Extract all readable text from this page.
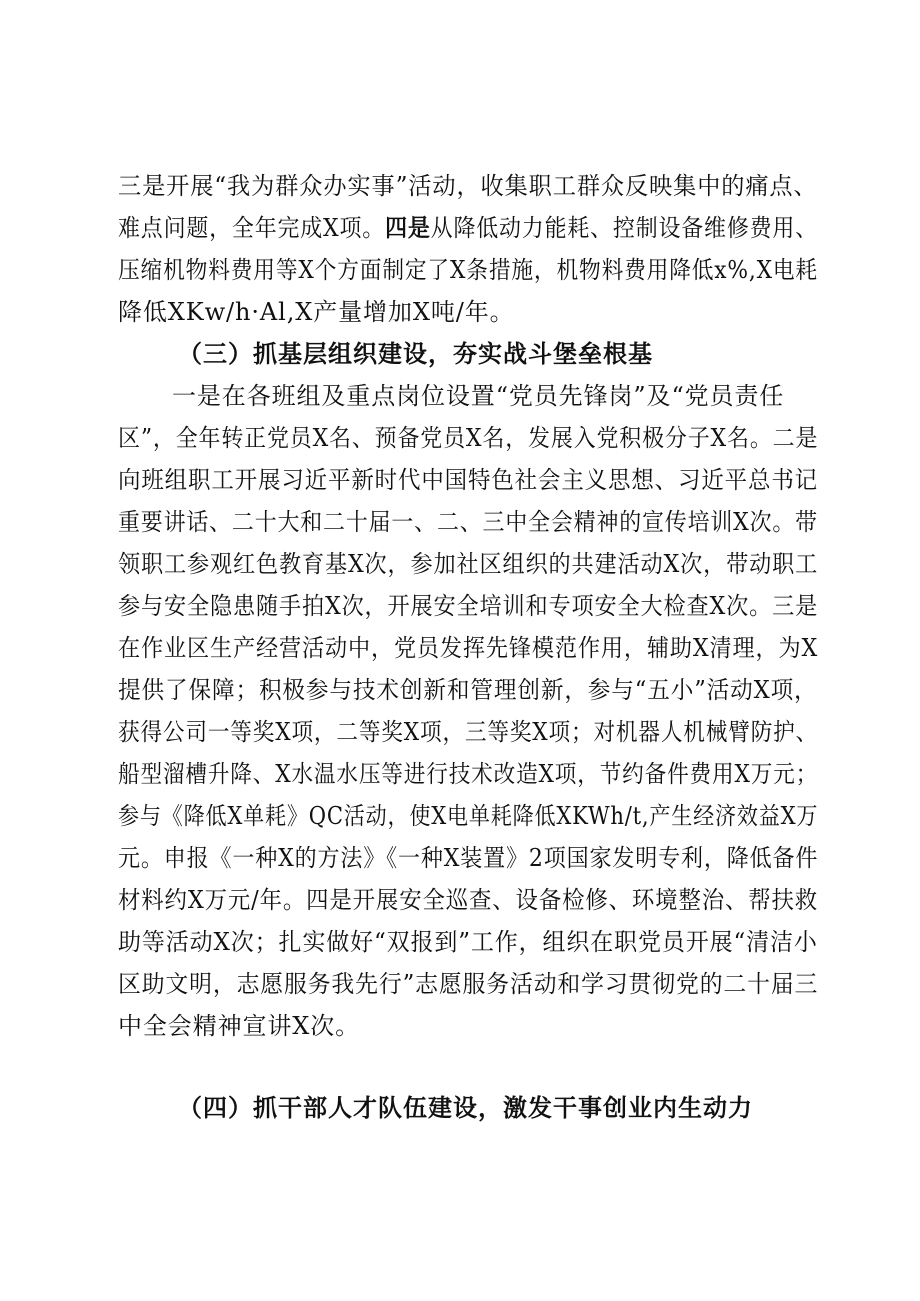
三是开展“我为群众办实事”活动，收集职工群众反映集中的痛点、
难点问题，全年完成X项。四是从降低动力能耗、控制设备维修费用、
压缩机物料费用等X个方面制定了X条措施，机物料费用降低x%,X电耗
降低XKw/h·Al,X产量增加X吨/年。
（三）抓基层组织建设，夯实战斗堡垒根基
一是在各班组及重点岗位设置“党员先锋岗”及“党员责任
区”，全年转正党员X名、预备党员X名，发展入党积极分子X名。二是
向班组职工开展习近平新时代中国特色社会主义思想、习近平总书记
重要讲话、二十大和二十届一、二、三中全会精神的宣传培训X次。带
领职工参观红色教育基X次，参加社区组织的共建活动X次，带动职工
参与安全隐患随手拍X次，开展安全培训和专项安全大检查X次。三是
在作业区生产经营活动中，党员发挥先锋模范作用，辅助X清理，为X
提供了保障；积极参与技术创新和管理创新，参与“五小”活动X项，
获得公司一等奖X项，二等奖X项，三等奖X项；对机器人机械臂防护、
船型溜槽升降、X水温水压等进行技术改造X项，节约备件费用X万元；
参与《降低X单耗》QC活动，使X电单耗降低XKWh/t,产生经济效益X万
元。申报《一种X的方法》《一种X装置》2项国家发明专利，降低备件
材料约X万元/年。四是开展安全巡查、设备检修、环境整治、帮扶救
助等活动X次；扎实做好“双报到”工作，组织在职党员开展“清洁小
区助文明，志愿服务我先行”志愿服务活动和学习贯彻党的二十届三
中全会精神宣讲X次。
（四）抓干部人才队伍建设，激发干事创业内生动力
